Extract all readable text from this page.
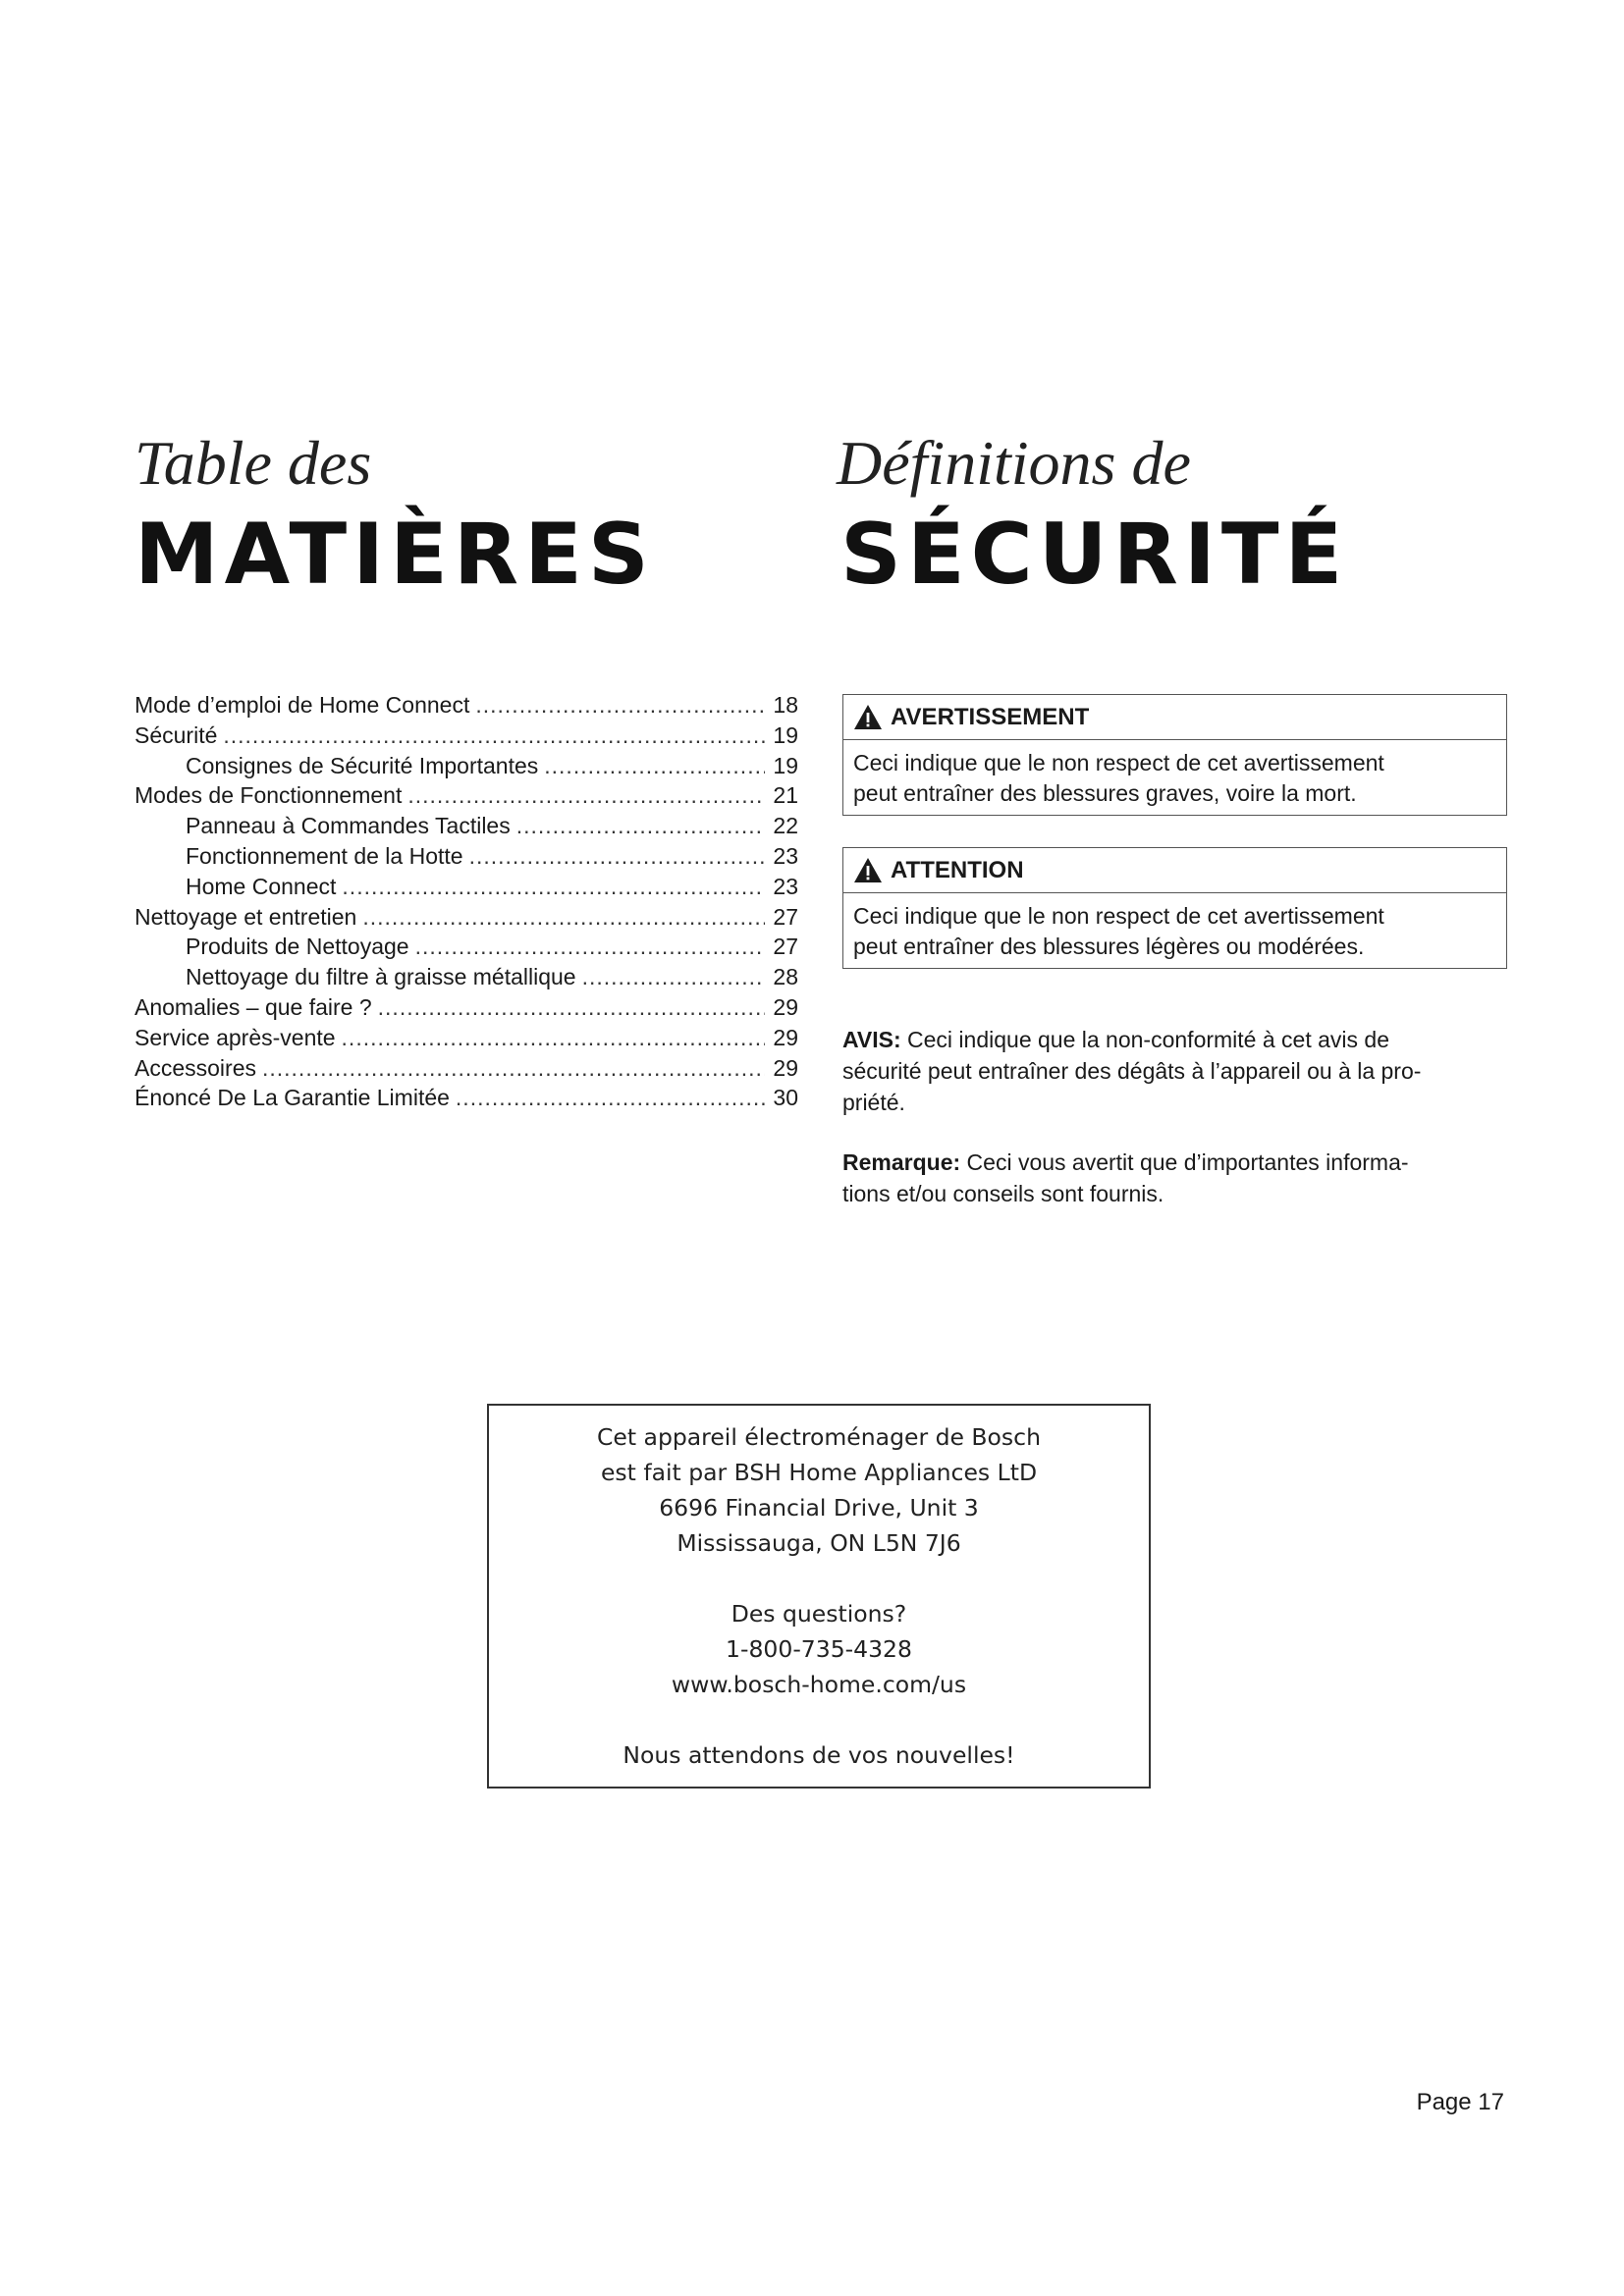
Table des
MATIÈRES
Définitions de
SÉCURITÉ
Mode d’emploi de Home Connect .....	18
Sécurité .....	19
Consignes de Sécurité Importantes .....	19
Modes de Fonctionnement .....	21
Panneau à Commandes Tactiles .....	22
Fonctionnement de la Hotte .....	23
Home Connect .....	23
Nettoyage et entretien .....	27
Produits de Nettoyage .....	27
Nettoyage du filtre à graisse métallique .....	28
Anomalies – que faire ? .....	29
Service après-vente .....	29
Accessoires .....	29
Énoncé De La Garantie Limitée .....	30
AVERTISSEMENT
Ceci indique que le non respect de cet avertissement
peut entraîner des blessures graves, voire la mort.
ATTENTION
Ceci indique que le non respect de cet avertissement
peut entraîner des blessures légères ou modérées.
AVIS: Ceci indique que la non-conformité à cet avis de
sécurité peut entraîner des dégâts à l’appareil ou à la pro-
priété.
Remarque: Ceci vous avertit que d’importantes informa-
tions et/ou conseils sont fournis.
Cet appareil électroménager de Bosch
est fait par BSH Home Appliances LtD
6696 Financial Drive, Unit 3
Mississauga, ON L5N 7J6
Des questions?
1-800-735-4328
www.bosch-home.com/us
Nous attendons de vos nouvelles!
Page 17
